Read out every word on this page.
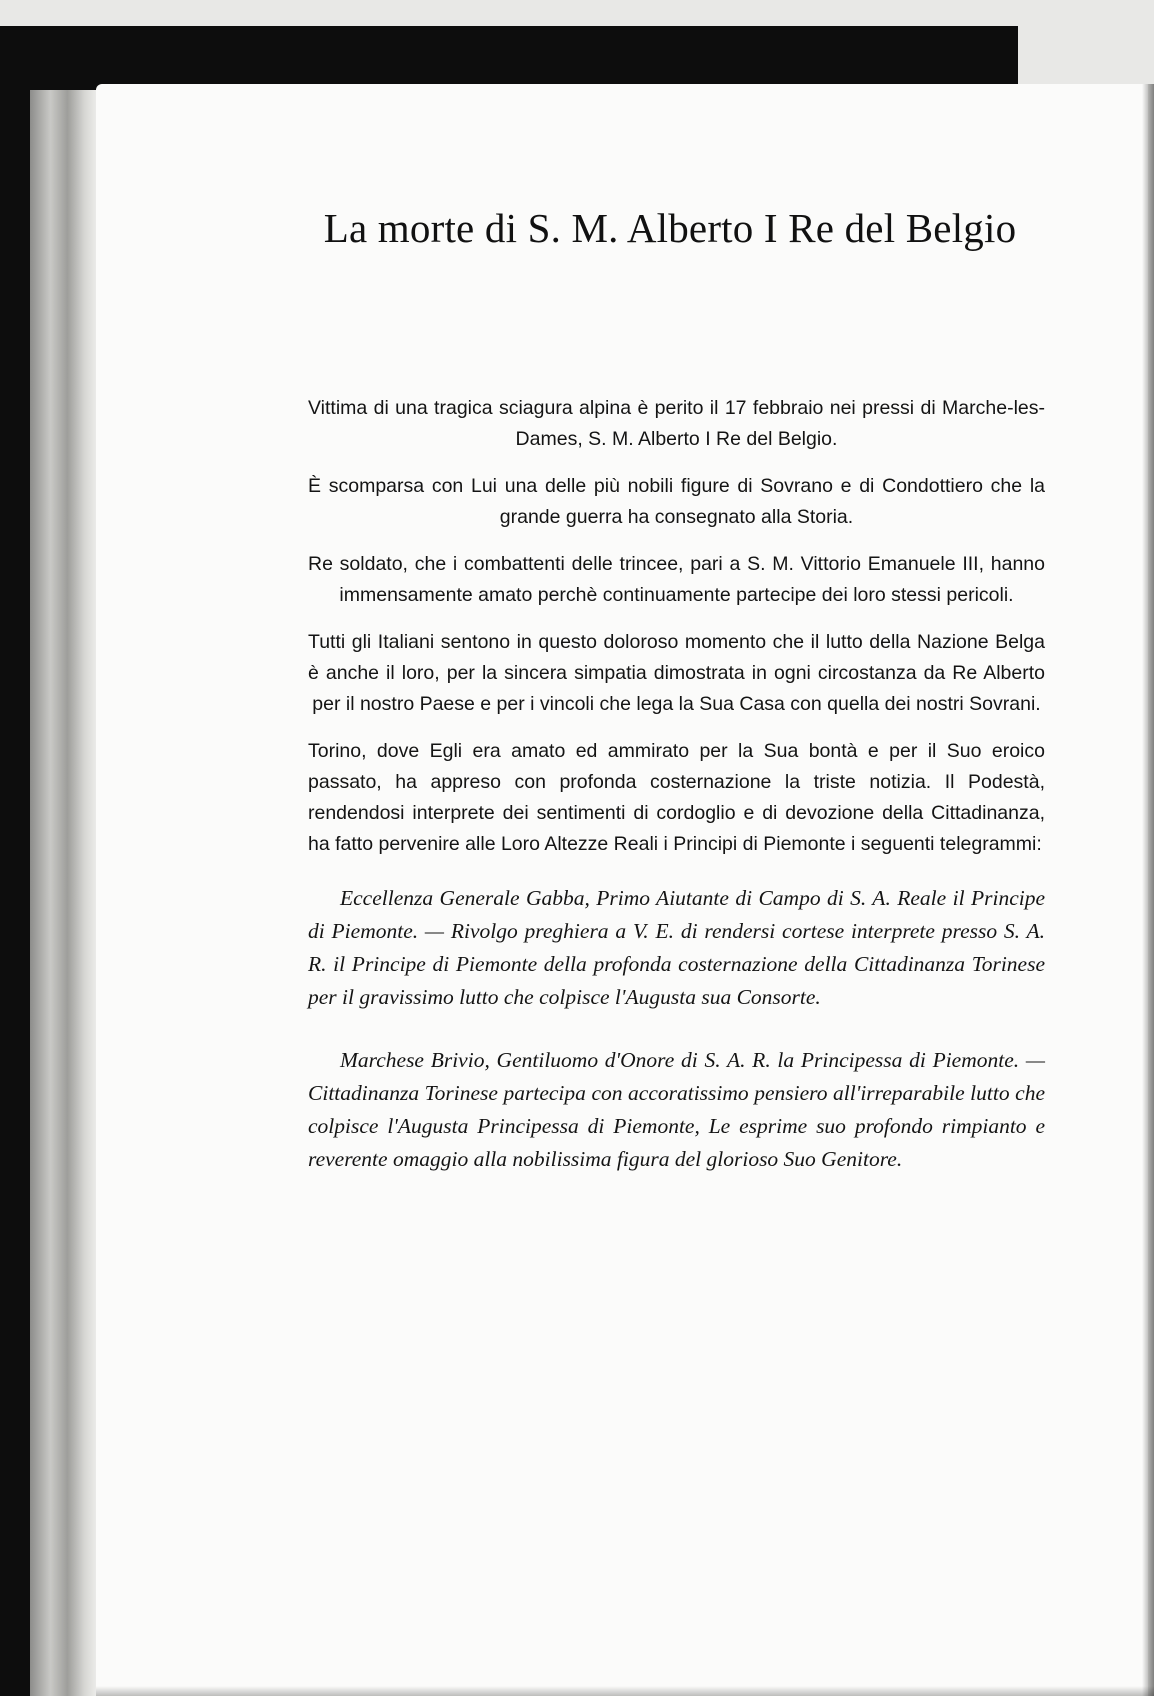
La morte di S. M. Alberto I Re del Belgio

Vittima di una tragica sciagura alpina è perito il 17 febbraio nei pressi di Marche-les-Dames, S. M. Alberto I Re del Belgio.

È scomparsa con Lui una delle più nobili figure di Sovrano e di Condottiero che la grande guerra ha consegnato alla Storia.

Re soldato, che i combattenti delle trincee, pari a S. M. Vittorio Emanuele III, hanno immensamente amato perchè continuamente partecipe dei loro stessi pericoli.

Tutti gli Italiani sentono in questo doloroso momento che il lutto della Nazione Belga è anche il loro, per la sincera simpatia dimostrata in ogni circostanza da Re Alberto per il nostro Paese e per i vincoli che lega la Sua Casa con quella dei nostri Sovrani.

Torino, dove Egli era amato ed ammirato per la Sua bontà e per il Suo eroico passato, ha appreso con profonda costernazione la triste notizia. Il Podestà, rendendosi interprete dei sentimenti di cordoglio e di devozione della Cittadinanza, ha fatto pervenire alle Loro Altezze Reali i Principi di Piemonte i seguenti telegrammi:

Eccellenza Generale Gabba, Primo Aiutante di Campo di S. A. Reale il Principe di Piemonte. — Rivolgo preghiera a V. E. di rendersi cortese interprete presso S. A. R. il Principe di Piemonte della profonda costernazione della Cittadinanza Torinese per il gravissimo lutto che colpisce l'Augusta sua Consorte.

Marchese Brivio, Gentiluomo d'Onore di S. A. R. la Principessa di Piemonte. — Cittadinanza Torinese partecipa con accoratissimo pensiero all'irreparabile lutto che colpisce l'Augusta Principessa di Piemonte, Le esprime suo profondo rimpianto e reverente omaggio alla nobilissima figura del glorioso Suo Genitore.
